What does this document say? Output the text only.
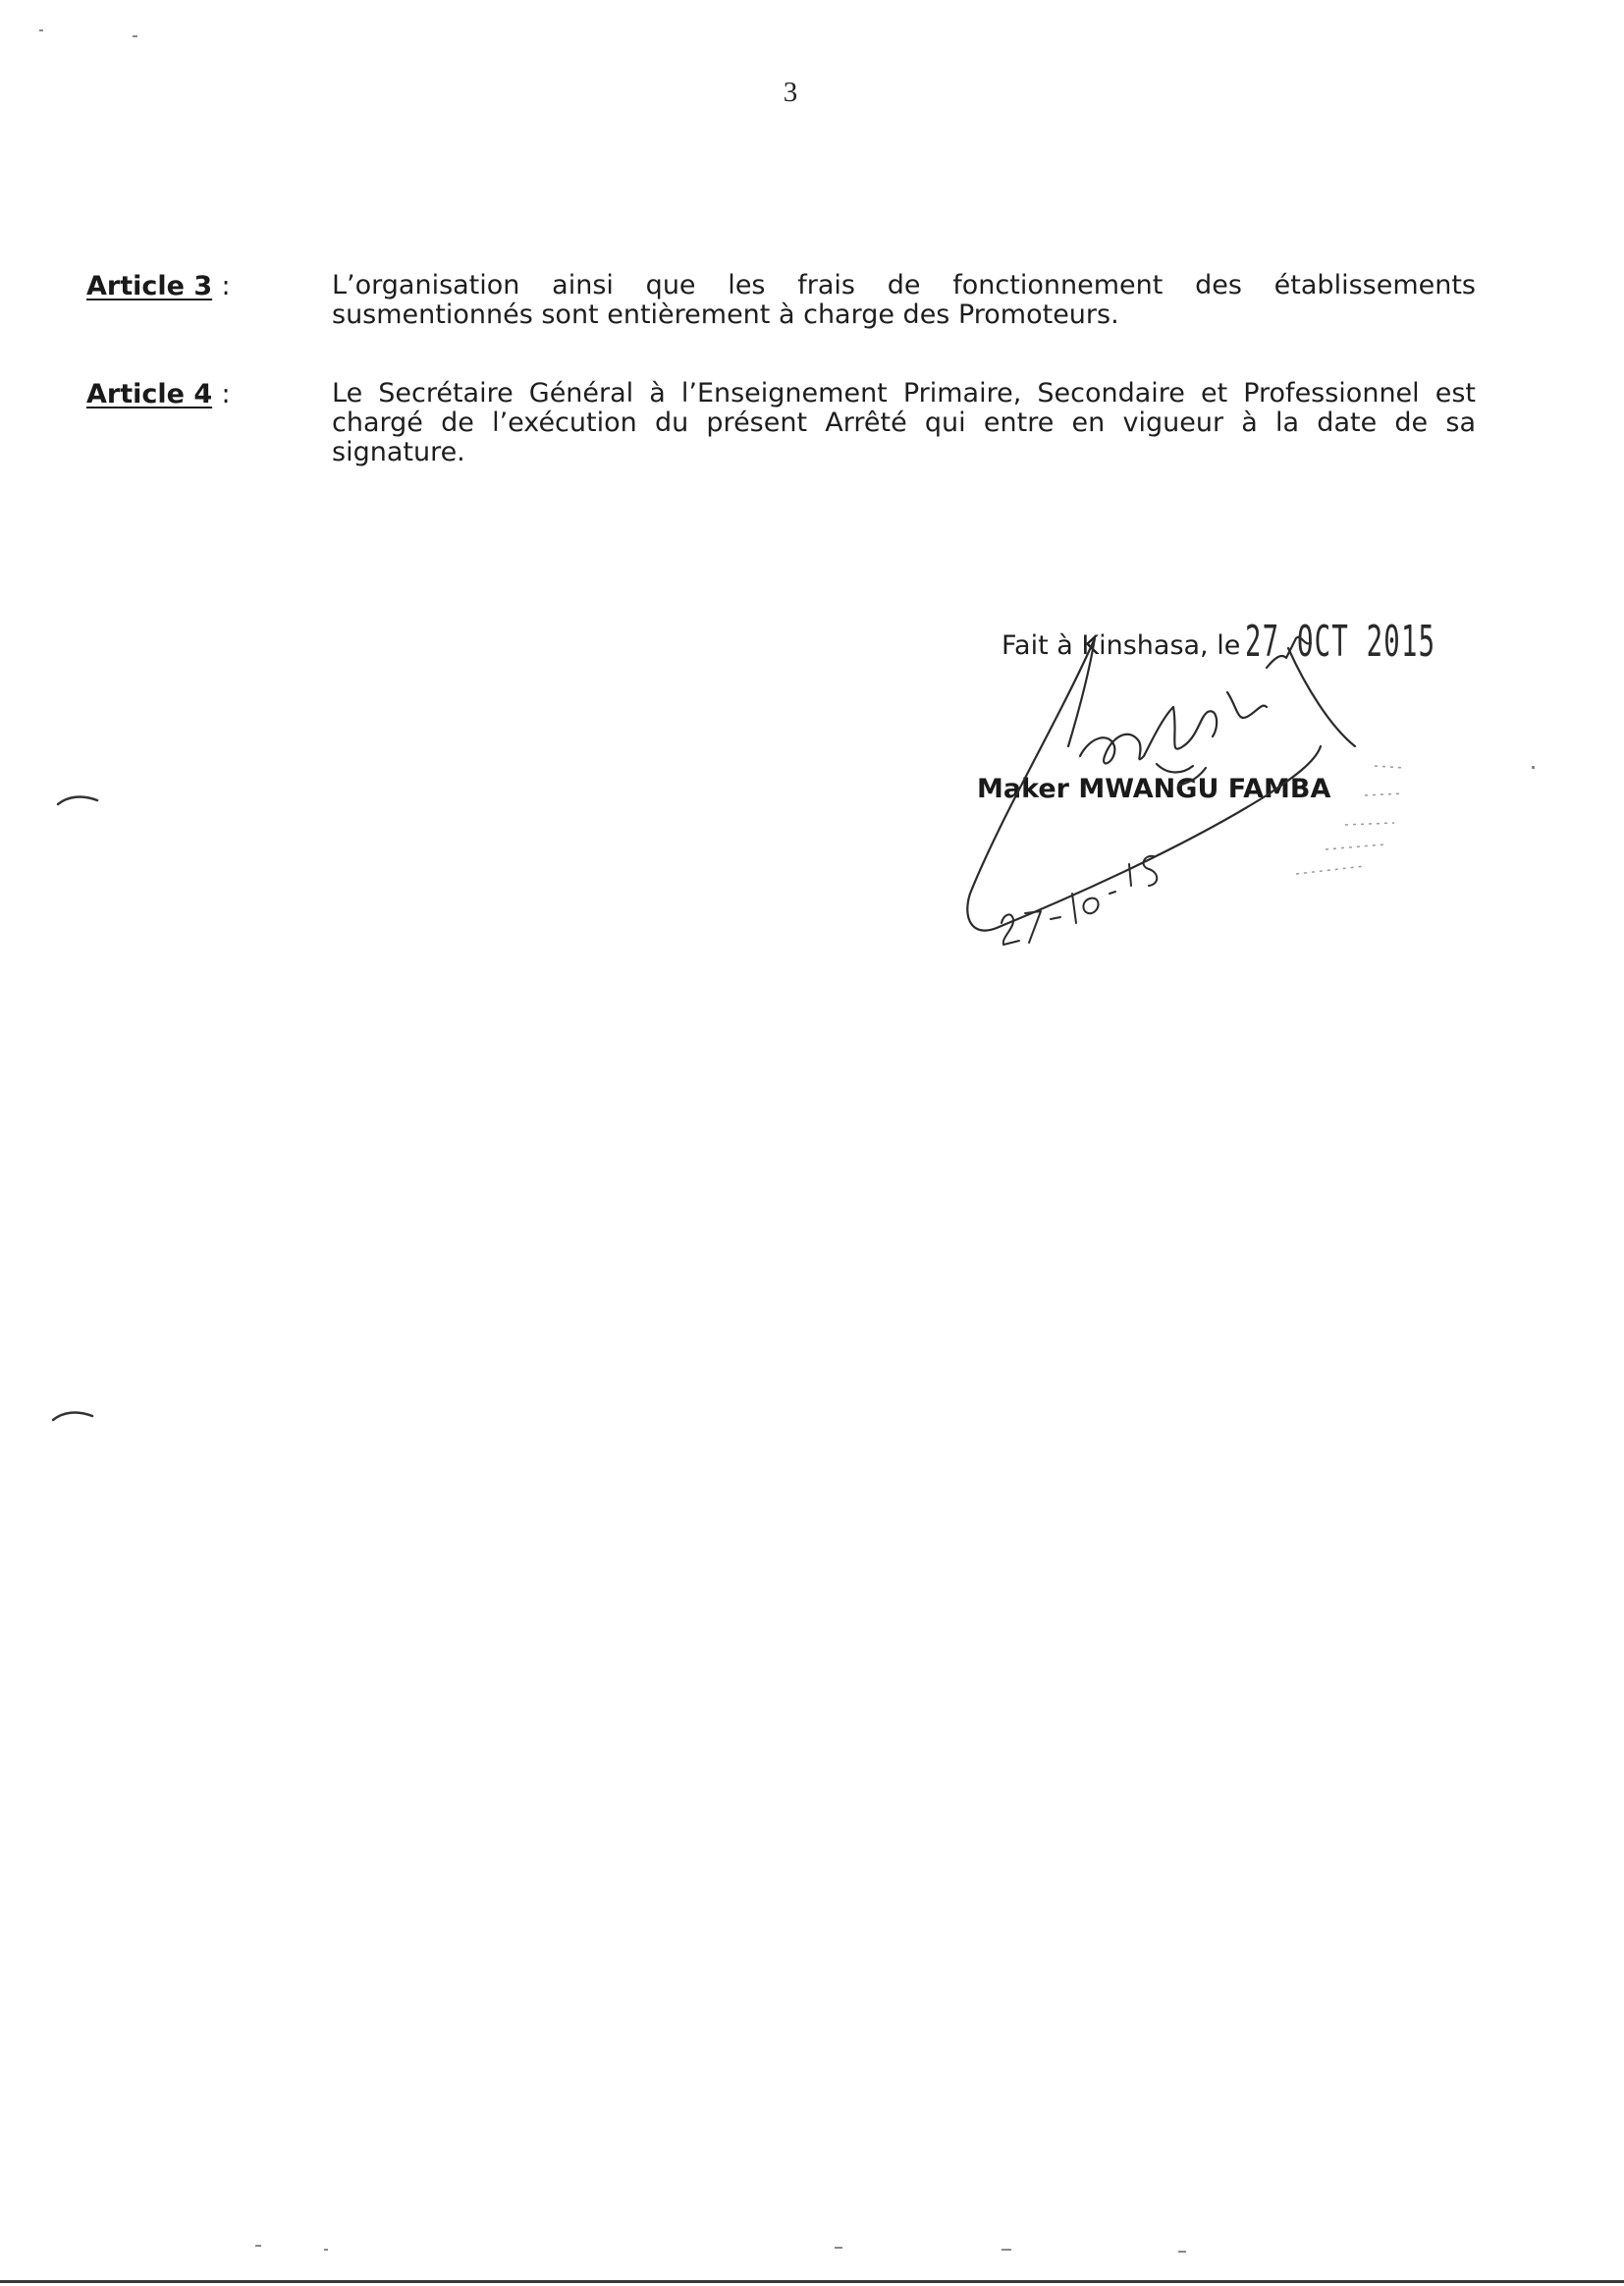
3
Article 3 :	L’organisation ainsi que les frais de fonctionnement des établissements susmentionnés sont entièrement à charge des Promoteurs.
Article 4 :	Le Secrétaire Général à l’Enseignement Primaire, Secondaire et Professionnel est chargé de l’exécution du présent Arrêté qui entre en vigueur à la date de sa signature.
Fait à Kinshasa, le 27 OCT 2015
Maker MWANGU FAMBA
